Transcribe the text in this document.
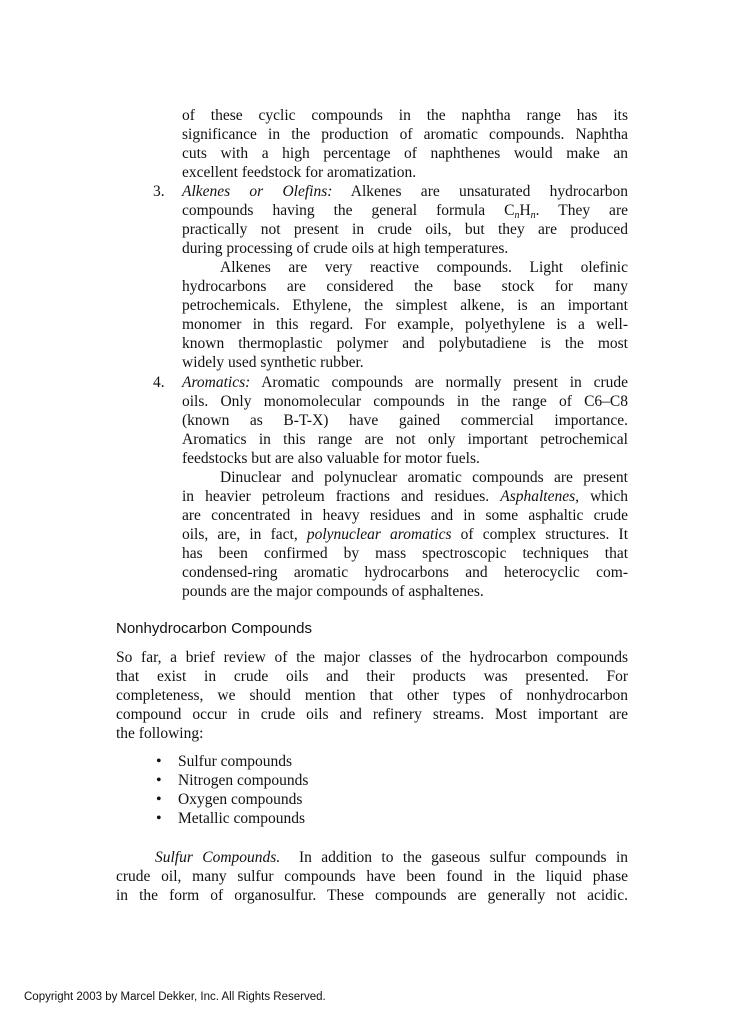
of these cyclic compounds in the naphtha range has its
significance in the production of aromatic compounds. Naphtha
cuts with a high percentage of naphthenes would make an
excellent feedstock for aromatization.
3. Alkenes or Olefins: Alkenes are unsaturated hydrocarbon
compounds having the general formula $C_nH_n$. They are
practically not present in crude oils, but they are produced
during processing of crude oils at high temperatures.
Alkenes are very reactive compounds. Light olefinic
hydrocarbons are considered the base stock for many
petrochemicals. Ethylene, the simplest alkene, is an important
monomer in this regard. For example, polyethylene is a well-
known thermoplastic polymer and polybutadiene is the most
widely used synthetic rubber.
4. Aromatics: Aromatic compounds are normally present in crude
oils. Only monomolecular compounds in the range of C6–C8
(known as B-T-X) have gained commercial importance.
Aromatics in this range are not only important petrochemical
feedstocks but are also valuable for motor fuels.
Dinuclear and polynuclear aromatic compounds are present
in heavier petroleum fractions and residues. Asphaltenes, which
are concentrated in heavy residues and in some asphaltic crude
oils, are, in fact, polynuclear aromatics of complex structures. It
has been confirmed by mass spectroscopic techniques that
condensed-ring aromatic hydrocarbons and heterocyclic com-
pounds are the major compounds of asphaltenes.
Nonhydrocarbon Compounds
So far, a brief review of the major classes of the hydrocarbon compounds
that exist in crude oils and their products was presented. For
completeness, we should mention that other types of nonhydrocarbon
compound occur in crude oils and refinery streams. Most important are
the following:
• Sulfur compounds
• Nitrogen compounds
• Oxygen compounds
• Metallic compounds
Sulfur Compounds. In addition to the gaseous sulfur compounds in
crude oil, many sulfur compounds have been found in the liquid phase
in the form of organosulfur. These compounds are generally not acidic.
Copyright 2003 by Marcel Dekker, Inc. All Rights Reserved.
